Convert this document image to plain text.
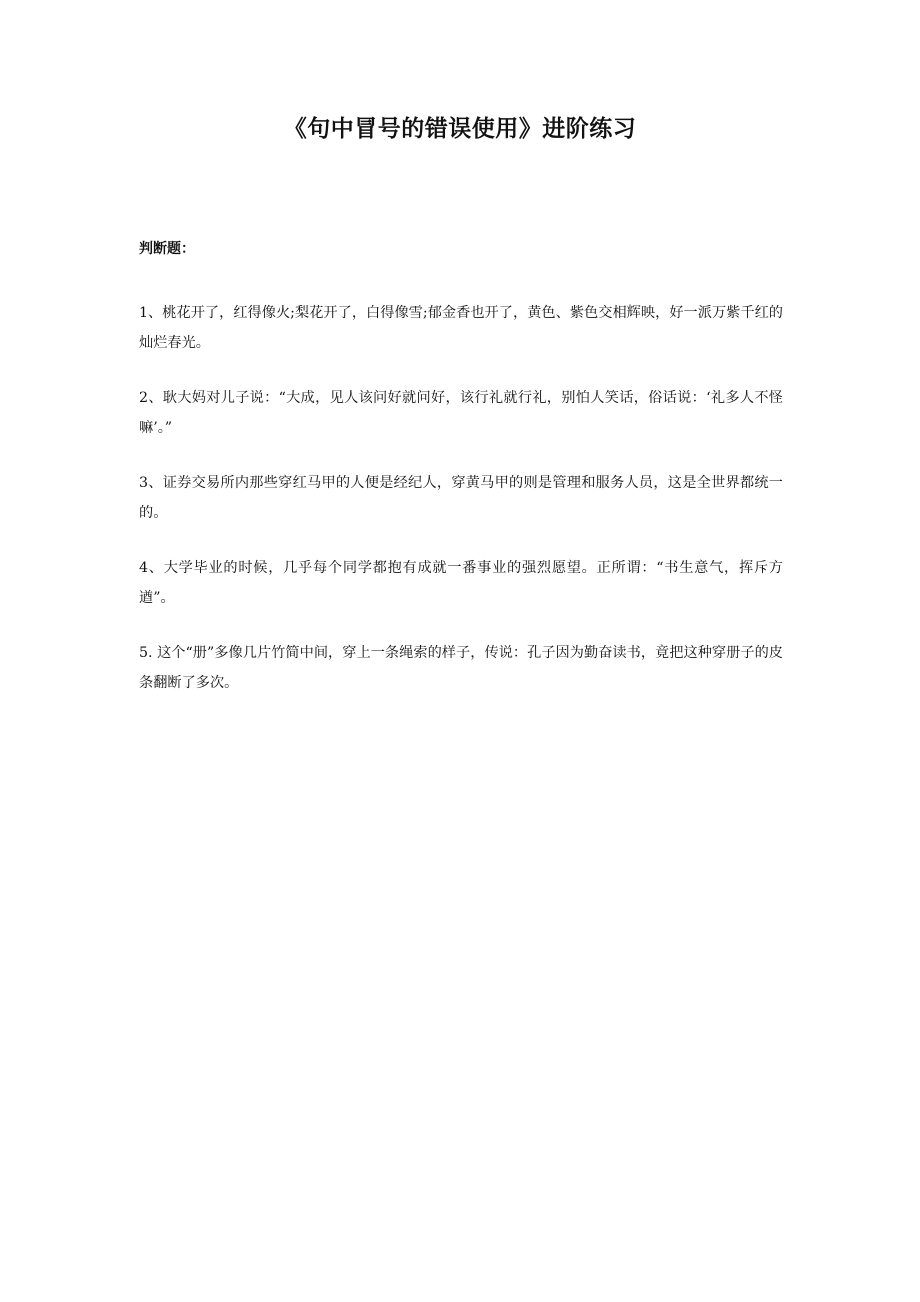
《句中冒号的错误使用》进阶练习

判断题：

1、桃花开了，红得像火;梨花开了，白得像雪;郁金香也开了，黄色、紫色交相辉映，好一派万紫千红的灿烂春光。
2、耿大妈对儿子说：“大成，见人该问好就问好，该行礼就行礼，别怕人笑话，俗话说：‘礼多人不怪嘛’。”
3、证券交易所内那些穿红马甲的人便是经纪人，穿黄马甲的则是管理和服务人员，这是全世界都统一的。
4、大学毕业的时候，几乎每个同学都抱有成就一番事业的强烈愿望。正所谓：“书生意气，挥斥方遒”。
5. 这个“册”多像几片竹简中间，穿上一条绳索的样子，传说：孔子因为勤奋读书，竟把这种穿册子的皮条翻断了多次。
